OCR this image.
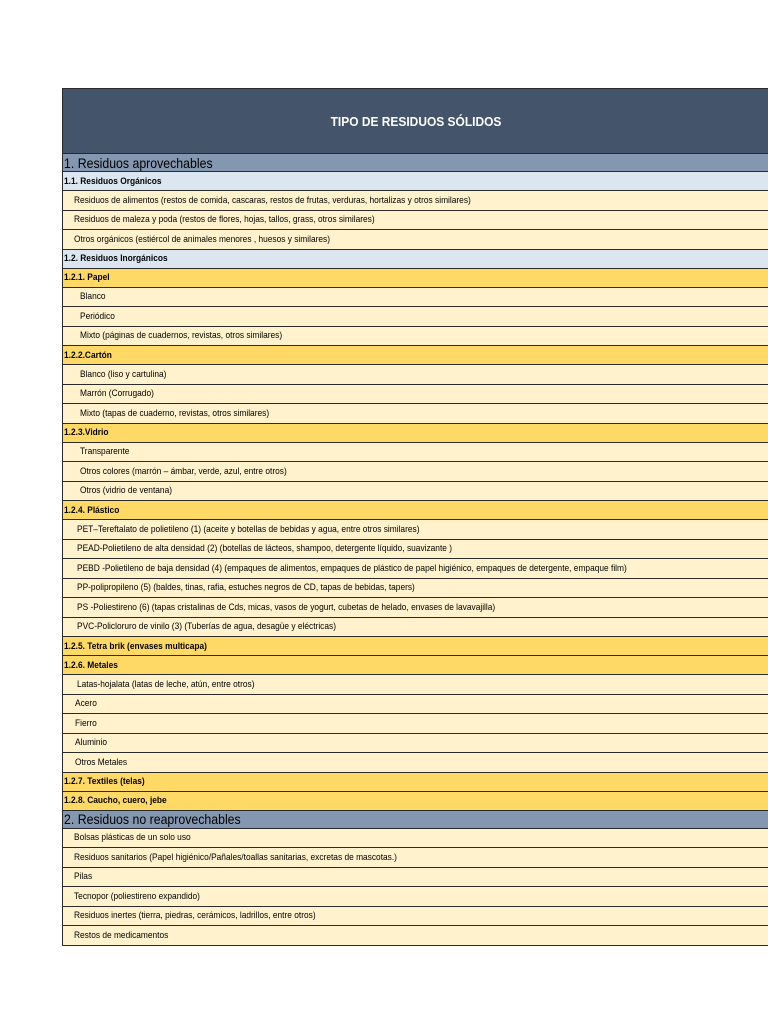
TIPO DE RESIDUOS SÓLIDOS
1. Residuos aprovechables
1.1. Residuos Orgánicos
Residuos de alimentos (restos de comida, cascaras, restos de frutas, verduras, hortalizas y otros similares)
Residuos de maleza y poda (restos de flores, hojas, tallos, grass, otros similares)
Otros orgánicos (estiércol de animales menores , huesos y similares)
1.2. Residuos Inorgánicos
1.2.1. Papel
Blanco
Periódico
Mixto (páginas de cuadernos, revistas, otros similares)
1.2.2.Cartón
Blanco (liso y cartulina)
Marrón (Corrugado)
Mixto (tapas de cuaderno, revistas, otros similares)
1.2.3.Vidrio
Transparente
Otros colores (marrón – ámbar, verde, azul, entre otros)
Otros (vidrio de ventana)
1.2.4. Plástico
PET–Tereftalato de polietileno (1) (aceite y botellas de bebidas y agua, entre otros similares)
PEAD-Polietileno de alta densidad (2) (botellas de lácteos, shampoo, detergente líquido, suavizante )
PEBD -Polietileno de baja densidad (4) (empaques de alimentos, empaques de plástico de papel higiénico, empaques de detergente, empaque film)
PP-polipropileno (5) (baldes, tinas, rafia, estuches negros de CD, tapas de bebidas, tapers)
PS -Poliestireno (6) (tapas cristalinas de Cds, micas, vasos de yogurt, cubetas de helado, envases de lavavajilla)
PVC-Policloruro de vinilo (3) (Tuberías de agua, desagüe y eléctricas)
1.2.5. Tetra brik (envases multicapa)
1.2.6. Metales
Latas-hojalata (latas de leche, atún, entre otros)
Acero
Fierro
Aluminio
Otros Metales
1.2.7. Textiles (telas)
1.2.8. Caucho, cuero, jebe
2. Residuos no reaprovechables
Bolsas plásticas de un solo uso
Residuos sanitarios (Papel higiénico/Pañales/toallas sanitarias, excretas de mascotas.)
Pilas
Tecnopor (poliestireno expandido)
Residuos inertes (tierra, piedras, cerámicos, ladrillos, entre otros)
Restos de medicamentos
